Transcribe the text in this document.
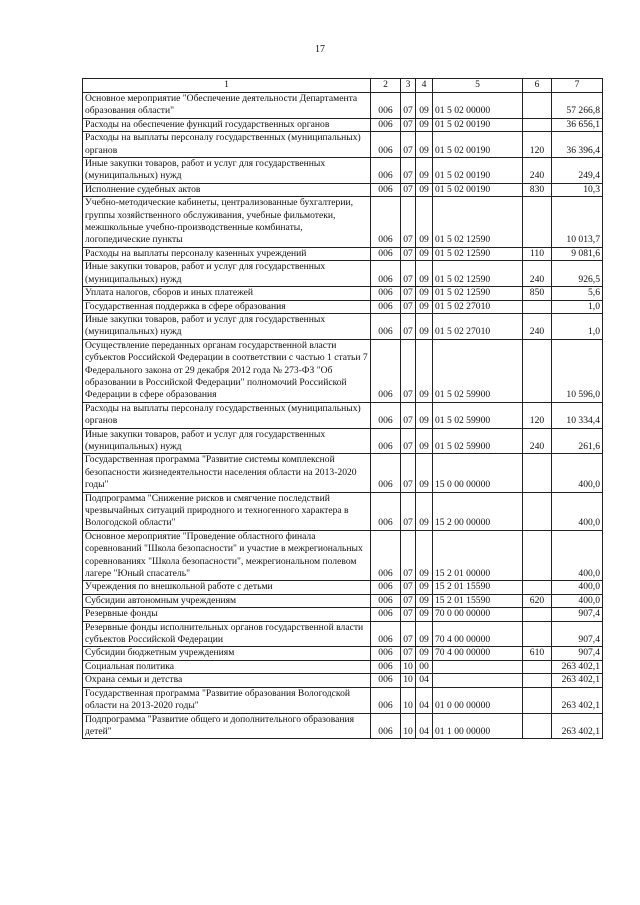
17
1	2	3	4	5	6	7
Основное мероприятие "Обеспечение деятельности Департамента образования области"	006	07	09	01 5 02 00000		57 266,8
Расходы на обеспечение функций государственных органов	006	07	09	01 5 02 00190		36 656,1
Расходы на выплаты персоналу государственных (муниципальных) органов	006	07	09	01 5 02 00190	120	36 396,4
Иные закупки товаров, работ и услуг для государственных (муниципальных) нужд	006	07	09	01 5 02 00190	240	249,4
Исполнение судебных актов	006	07	09	01 5 02 00190	830	10,3
Учебно-методические кабинеты, централизованные бухгалтерии, группы хозяйственного обслуживания, учебные фильмотеки, межшкольные учебно-производственные комбинаты, логопедические пункты	006	07	09	01 5 02 12590		10 013,7
Расходы на выплаты персоналу казенных учреждений	006	07	09	01 5 02 12590	110	9 081,6
Иные закупки товаров, работ и услуг для государственных (муниципальных) нужд	006	07	09	01 5 02 12590	240	926,5
Уплата налогов, сборов и иных платежей	006	07	09	01 5 02 12590	850	5,6
Государственная поддержка в сфере образования	006	07	09	01 5 02 27010		1,0
Иные закупки товаров, работ и услуг для государственных (муниципальных) нужд	006	07	09	01 5 02 27010	240	1,0
Осуществление переданных органам государственной власти субъектов Российской Федерации в соответствии с частью 1 статьи 7 Федерального закона от 29 декабря 2012 года № 273-ФЗ "Об образовании в Российской Федерации" полномочий Российской Федерации в сфере образования	006	07	09	01 5 02 59900		10 596,0
Расходы на выплаты персоналу государственных (муниципальных) органов	006	07	09	01 5 02 59900	120	10 334,4
Иные закупки товаров, работ и услуг для государственных (муниципальных) нужд	006	07	09	01 5 02 59900	240	261,6
Государственная программа "Развитие системы комплексной безопасности жизнедеятельности населения области на 2013-2020 годы"	006	07	09	15 0 00 00000		400,0
Подпрограмма "Снижение рисков и смягчение последствий чрезвычайных ситуаций природного и техногенного характера в Вологодской области"	006	07	09	15 2 00 00000		400,0
Основное мероприятие "Проведение областного финала соревнований "Школа безопасности" и участие в межрегиональных соревнованиях "Школа безопасности", межрегиональном полевом лагере "Юный спасатель"	006	07	09	15 2 01 00000		400,0
Учреждения по внешкольной работе с детьми	006	07	09	15 2 01 15590		400,0
Субсидии автономным учреждениям	006	07	09	15 2 01 15590	620	400,0
Резервные фонды	006	07	09	70 0 00 00000		907,4
Резервные фонды исполнительных органов государственной власти субъектов Российской Федерации	006	07	09	70 4 00 00000		907,4
Субсидии бюджетным учреждениям	006	07	09	70 4 00 00000	610	907,4
Социальная политика	006	10	00			263 402,1
Охрана семьи и детства	006	10	04			263 402,1
Государственная программа "Развитие образования Вологодской области на 2013-2020 годы"	006	10	04	01 0 00 00000		263 402,1
Подпрограмма "Развитие общего и дополнительного образования детей"	006	10	04	01 1 00 00000		263 402,1
